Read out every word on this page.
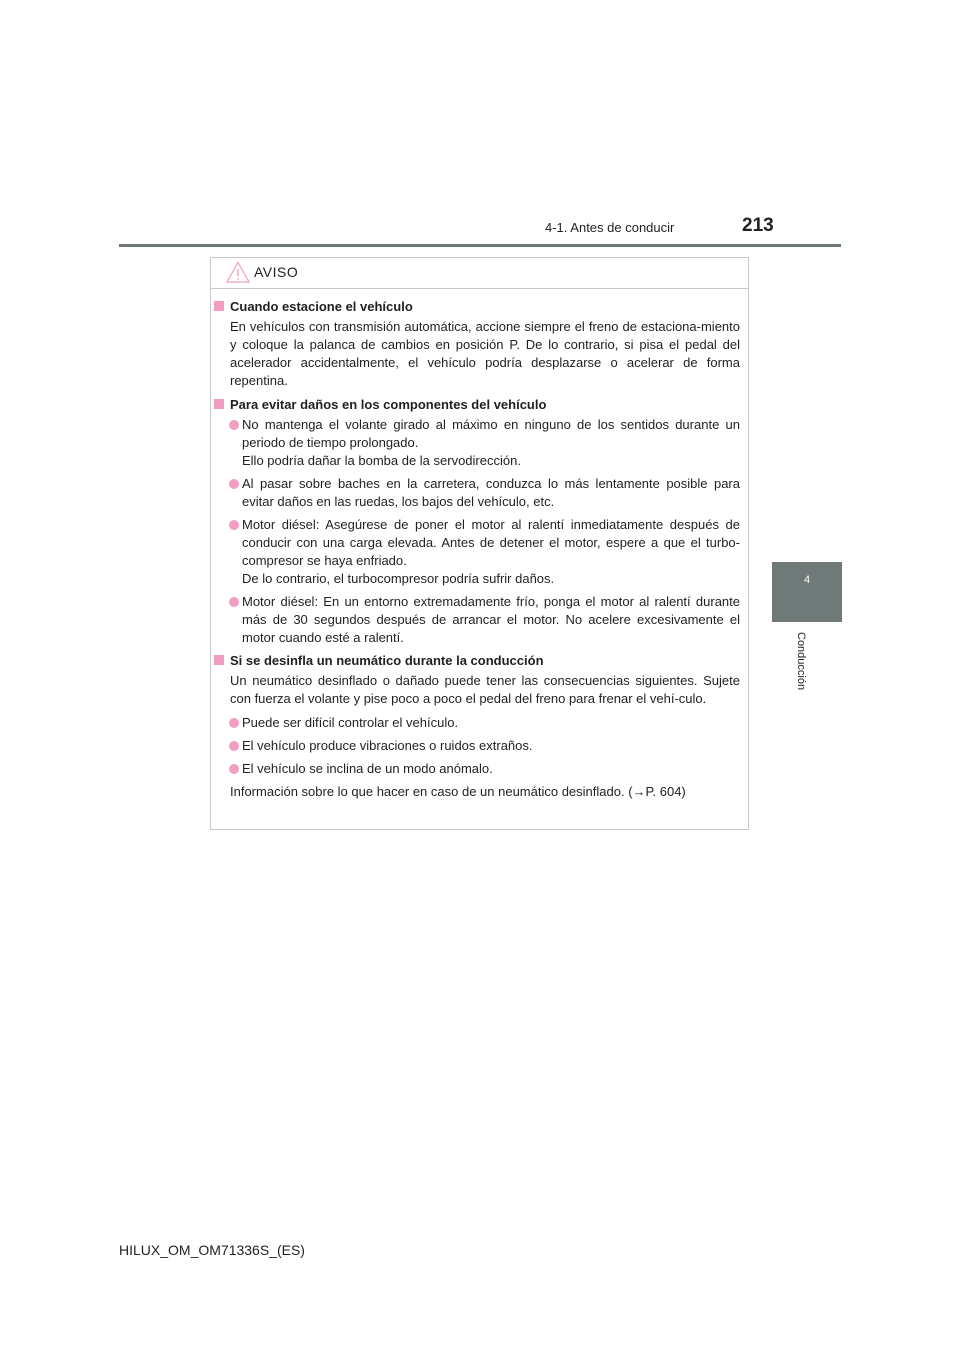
4-1. Antes de conducir	213
4
Conducción
AVISO
Cuando estacione el vehículo
En vehículos con transmisión automática, accione siempre el freno de estaciona-miento y coloque la palanca de cambios en posición P. De lo contrario, si pisa el pedal del acelerador accidentalmente, el vehículo podría desplazarse o acelerar de forma repentina.
Para evitar daños en los componentes del vehículo
No mantenga el volante girado al máximo en ninguno de los sentidos durante un periodo de tiempo prolongado.
Ello podría dañar la bomba de la servodirección.
Al pasar sobre baches en la carretera, conduzca lo más lentamente posible para evitar daños en las ruedas, los bajos del vehículo, etc.
Motor diésel: Asegúrese de poner el motor al ralentí inmediatamente después de conducir con una carga elevada. Antes de detener el motor, espere a que el turbo-compresor se haya enfriado.
De lo contrario, el turbocompresor podría sufrir daños.
Motor diésel: En un entorno extremadamente frío, ponga el motor al ralentí durante más de 30 segundos después de arrancar el motor. No acelere excesivamente el motor cuando esté a ralentí.
Si se desinfla un neumático durante la conducción
Un neumático desinflado o dañado puede tener las consecuencias siguientes. Sujete con fuerza el volante y pise poco a poco el pedal del freno para frenar el vehí-culo.
Puede ser difícil controlar el vehículo.
El vehículo produce vibraciones o ruidos extraños.
El vehículo se inclina de un modo anómalo.
Información sobre lo que hacer en caso de un neumático desinflado. (→P. 604)
HILUX_OM_OM71336S_(ES)
